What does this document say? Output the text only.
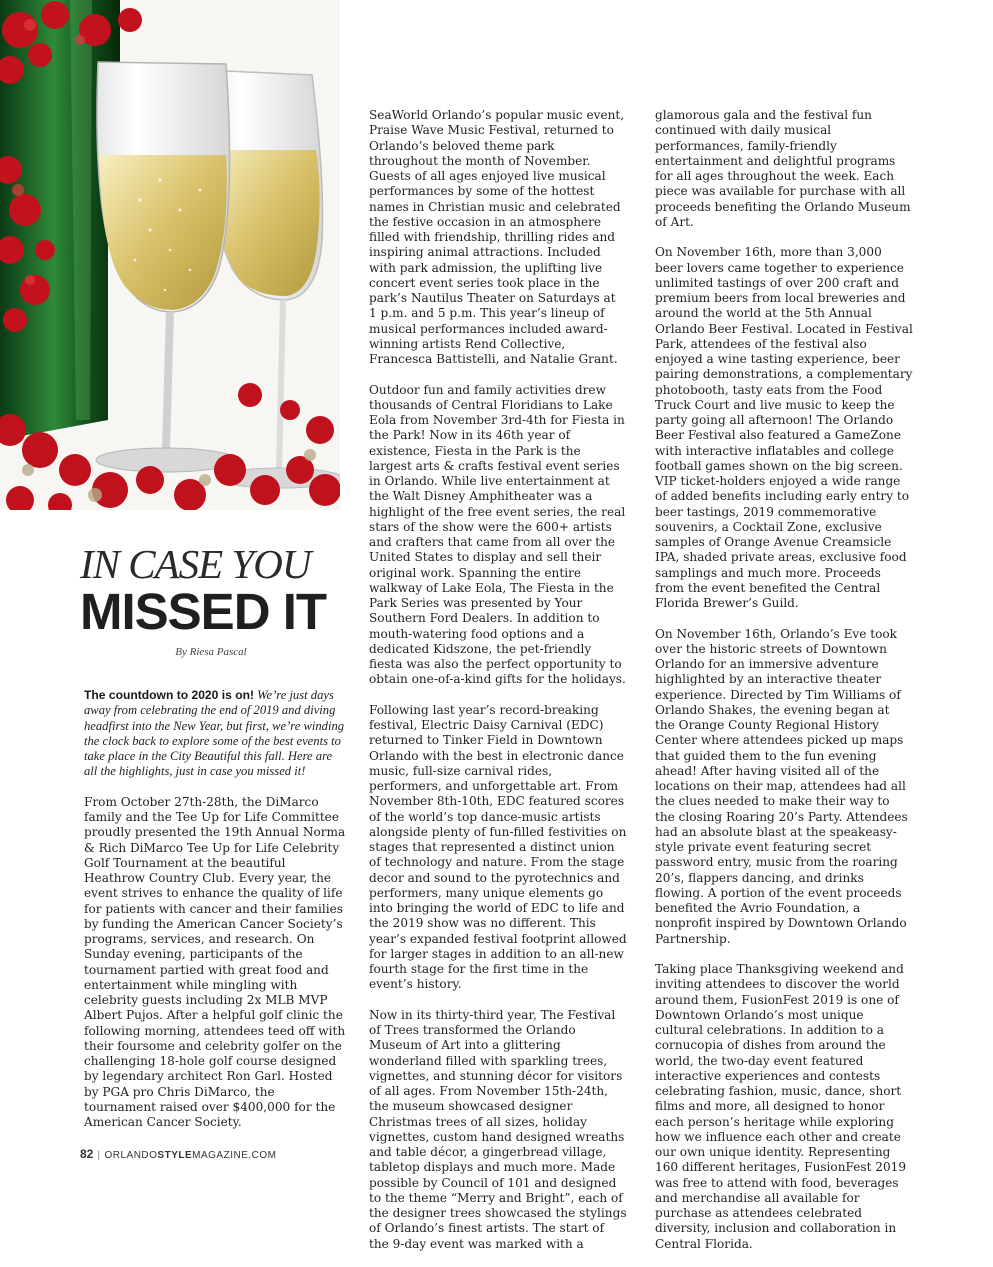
IN CASE YOU
MISSED IT
By Riesa Pascal

The countdown to 2020 is on! We’re just days away from celebrating the end of 2019 and diving headfirst into the New Year, but first, we’re winding the clock back to explore some of the best events to take place in the City Beautiful this fall. Here are all the highlights, just in case you missed it!

From October 27th-28th, the DiMarco family and the Tee Up for Life Committee proudly presented the 19th Annual Norma & Rich DiMarco Tee Up for Life Celebrity Golf Tournament at the beautiful Heathrow Country Club. Every year, the event strives to enhance the quality of life for patients with cancer and their families by funding the American Cancer Society’s programs, services, and research. On Sunday evening, participants of the tournament partied with great food and entertainment while mingling with celebrity guests including 2x MLB MVP Albert Pujos. After a helpful golf clinic the following morning, attendees teed off with their foursome and celebrity golfer on the challenging 18-hole golf course designed by legendary architect Ron Garl. Hosted by PGA pro Chris DiMarco, the tournament raised over $400,000 for the American Cancer Society.

SeaWorld Orlando’s popular music event, Praise Wave Music Festival, returned to Orlando’s beloved theme park throughout the month of November. Guests of all ages enjoyed live musical performances by some of the hottest names in Christian music and celebrated the festive occasion in an atmosphere filled with friendship, thrilling rides and inspiring animal attractions. Included with park admission, the uplifting live concert event series took place in the park’s Nautilus Theater on Saturdays at 1 p.m. and 5 p.m. This year’s lineup of musical performances included award-winning artists Rend Collective, Francesca Battistelli, and Natalie Grant.

Outdoor fun and family activities drew thousands of Central Floridians to Lake Eola from November 3rd-4th for Fiesta in the Park! Now in its 46th year of existence, Fiesta in the Park is the largest arts & crafts festival event series in Orlando. While live entertainment at the Walt Disney Amphitheater was a highlight of the free event series, the real stars of the show were the 600+ artists and crafters that came from all over the United States to display and sell their original work. Spanning the entire walkway of Lake Eola, The Fiesta in the Park Series was presented by Your Southern Ford Dealers. In addition to mouth-watering food options and a dedicated Kidszone, the pet-friendly fiesta was also the perfect opportunity to obtain one-of-a-kind gifts for the holidays.

Following last year’s record-breaking festival, Electric Daisy Carnival (EDC) returned to Tinker Field in Downtown Orlando with the best in electronic dance music, full-size carnival rides, performers, and unforgettable art. From November 8th-10th, EDC featured scores of the world’s top dance-music artists alongside plenty of fun-filled festivities on stages that represented a distinct union of technology and nature. From the stage decor and sound to the pyrotechnics and performers, many unique elements go into bringing the world of EDC to life and the 2019 show was no different. This year’s expanded festival footprint allowed for larger stages in addition to an all-new fourth stage for the first time in the event’s history.

Now in its thirty-third year, The Festival of Trees transformed the Orlando Museum of Art into a glittering wonderland filled with sparkling trees, vignettes, and stunning décor for visitors of all ages. From November 15th-24th, the museum showcased designer Christmas trees of all sizes, holiday vignettes, custom hand designed wreaths and table décor, a gingerbread village, tabletop displays and much more. Made possible by Council of 101 and designed to the theme “Merry and Bright”, each of the designer trees showcased the stylings of Orlando’s finest artists. The start of the 9-day event was marked with a

glamorous gala and the festival fun continued with daily musical performances, family-friendly entertainment and delightful programs for all ages throughout the week. Each piece was available for purchase with all proceeds benefiting the Orlando Museum of Art.

On November 16th, more than 3,000 beer lovers came together to experience unlimited tastings of over 200 craft and premium beers from local breweries and around the world at the 5th Annual Orlando Beer Festival. Located in Festival Park, attendees of the festival also enjoyed a wine tasting experience, beer pairing demonstrations, a complementary photobooth, tasty eats from the Food Truck Court and live music to keep the party going all afternoon! The Orlando Beer Festival also featured a GameZone with interactive inflatables and college football games shown on the big screen. VIP ticket-holders enjoyed a wide range of added benefits including early entry to beer tastings, 2019 commemorative souvenirs, a Cocktail Zone, exclusive samples of Orange Avenue Creamsicle IPA, shaded private areas, exclusive food samplings and much more. Proceeds from the event benefited the Central Florida Brewer’s Guild.

On November 16th, Orlando’s Eve took over the historic streets of Downtown Orlando for an immersive adventure highlighted by an interactive theater experience. Directed by Tim Williams of Orlando Shakes, the evening began at the Orange County Regional History Center where attendees picked up maps that guided them to the fun evening ahead! After having visited all of the locations on their map, attendees had all the clues needed to make their way to the closing Roaring 20’s Party. Attendees had an absolute blast at the speakeasy-style private event featuring secret password entry, music from the roaring 20’s, flappers dancing, and drinks flowing. A portion of the event proceeds benefited the Avrio Foundation, a nonprofit inspired by Downtown Orlando Partnership.

Taking place Thanksgiving weekend and inviting attendees to discover the world around them, FusionFest 2019 is one of Downtown Orlando’s most unique cultural celebrations. In addition to a cornucopia of dishes from around the world, the two-day event featured interactive experiences and contests celebrating fashion, music, dance, short films and more, all designed to honor each person’s heritage while exploring how we influence each other and create our own unique identity. Representing 160 different heritages, FusionFest 2019 was free to attend with food, beverages and merchandise all available for purchase as attendees celebrated diversity, inclusion and collaboration in Central Florida.

82 | ORLANDOSTYLEMAGAZINE.COM
